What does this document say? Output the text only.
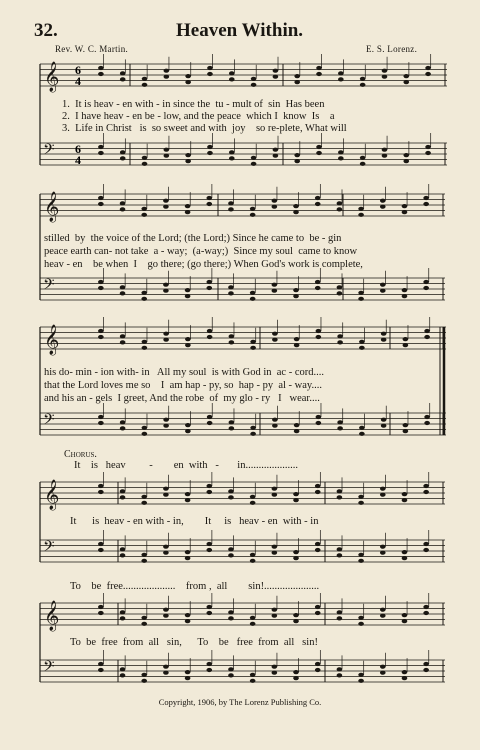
32.	Heaven Within.
Rev. W. C. Martin.	E. S. Lorenz.
𝄞
𝄢
𝄞
𝄢
𝄞
𝄢
𝄞
𝄢
𝄞
𝄢
6
4
6
4
1.  It is heav - en with - in since the  tu - mult of  sin  Has been
2.  I have heav - en be - low, and the peace  which I  know  Is    a
3.  Life in Christ   is  so sweet and with  joy    so re-plete, What will
stilled  by  the voice of the Lord; (the Lord;) Since he came to  be - gin
peace earth can- not take  a - way;  (a-way;)  Since my soul  came to know
heav - en    be when  I    go there; (go there;) When God's work is complete,
his do- min - ion with- in   All my soul  is with God in  ac - cord....
that the Lord loves me so    I  am hap - py, so  hap - py  al - way....
and his an - gels  I greet, And the robe  of  my glo - ry   I   wear....
Chorus.
It    is   heav         -        en  with   -       in....................
It      is  heav - en with - in,        It     is   heav - en  with - in
To    be  free....................    from ,  all        sin!.....................
To  be  free  from  all   sin,      To    be   free  from  all   sin!
Copyright, 1906, by The Lorenz Publishing Co.
